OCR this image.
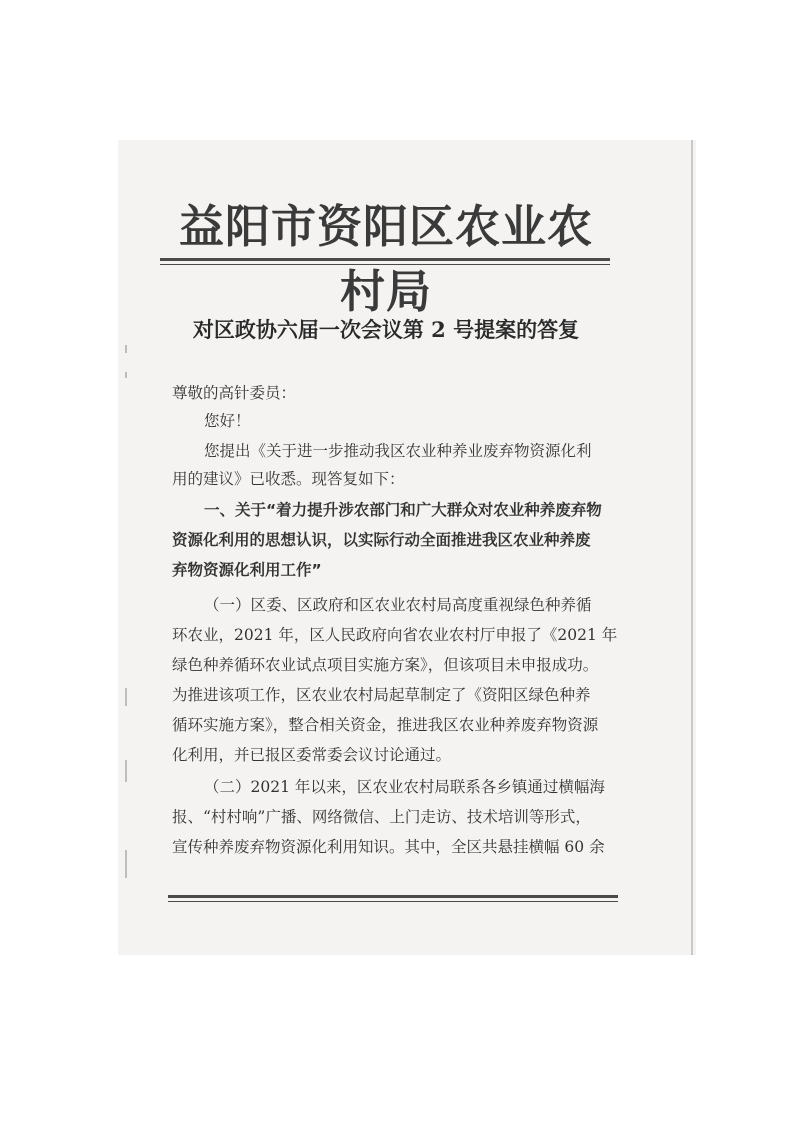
益阳市资阳区农业农村局
对区政协六届一次会议第 2 号提案的答复
尊敬的高针委员：
您好！
您提出《关于进一步推动我区农业种养业废弃物资源化利
用的建议》已收悉。现答复如下：
一、关于“着力提升涉农部门和广大群众对农业种养废弃物
资源化利用的思想认识，以实际行动全面推进我区农业种养废
弃物资源化利用工作”
（一）区委、区政府和区农业农村局高度重视绿色种养循
环农业，2021 年，区人民政府向省农业农村厅申报了《2021 年
绿色种养循环农业试点项目实施方案》，但该项目未申报成功。
为推进该项工作，区农业农村局起草制定了《资阳区绿色种养
循环实施方案》，整合相关资金，推进我区农业种养废弃物资源
化利用，并已报区委常委会议讨论通过。
（二）2021 年以来，区农业农村局联系各乡镇通过横幅海
报、“村村响”广播、网络微信、上门走访、技术培训等形式，
宣传种养废弃物资源化利用知识。其中，全区共悬挂横幅 60 余
